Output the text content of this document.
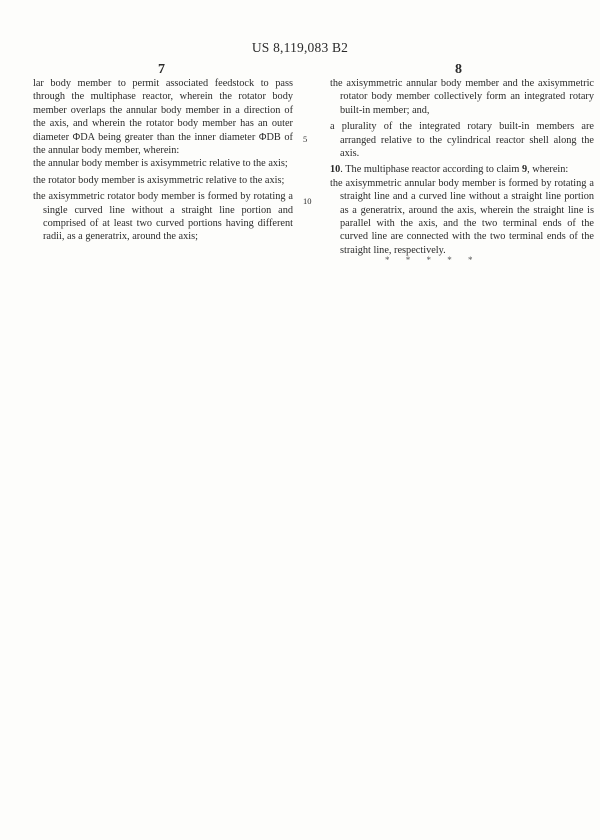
US 8,119,083 B2
7	8

lar body member to permit associated feedstock to pass through the multiphase reactor, wherein the rotator body member overlaps the annular body member in a direction of the axis, and wherein the rotator body member has an outer diameter ΦDA being greater than the inner diameter ΦDB of the annular body member, wherein:

the annular body member is axisymmetric relative to the axis;

the rotator body member is axisymmetric relative to the axis;

the axisymmetric rotator body member is formed by rotating a single curved line without a straight line portion and comprised of at least two curved portions having different radii, as a generatrix, around the axis;

5
10

the axisymmetric annular body member and the axisymmetric rotator body member collectively form an integrated rotary built-in member; and,

a plurality of the integrated rotary built-in members are arranged relative to the cylindrical reactor shell along the axis.

10. The multiphase reactor according to claim 9, wherein:

the axisymmetric annular body member is formed by rotating a straight line and a curved line without a straight line portion as a generatrix, around the axis, wherein the straight line is parallel with the axis, and the two terminal ends of the curved line are connected with the two terminal ends of the straight line, respectively.

* * * * *
